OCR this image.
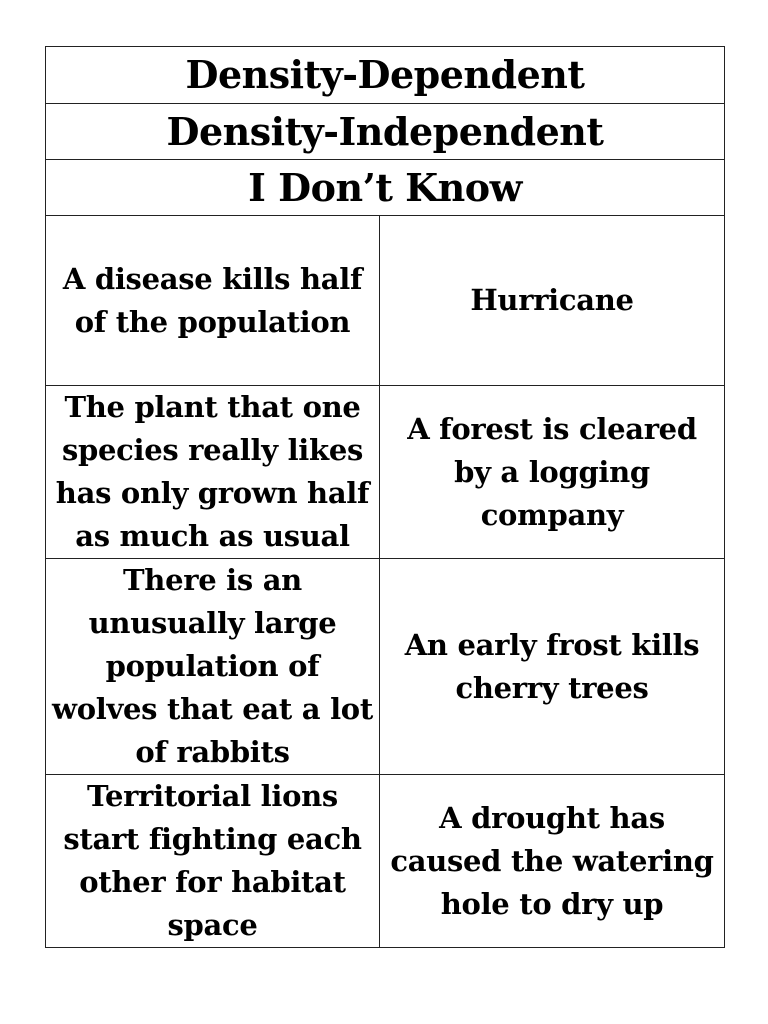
Density-Dependent	
Density-Independent	
I Don’t Know	
A disease kills half of the population	Hurricane
The plant that one species really likes has only grown half as much as usual	A forest is cleared by a logging company
There is an unusually large population of wolves that eat a lot of rabbits	An early frost kills cherry trees
Territorial lions start fighting each other for habitat space	A drought has caused the watering hole to dry up
